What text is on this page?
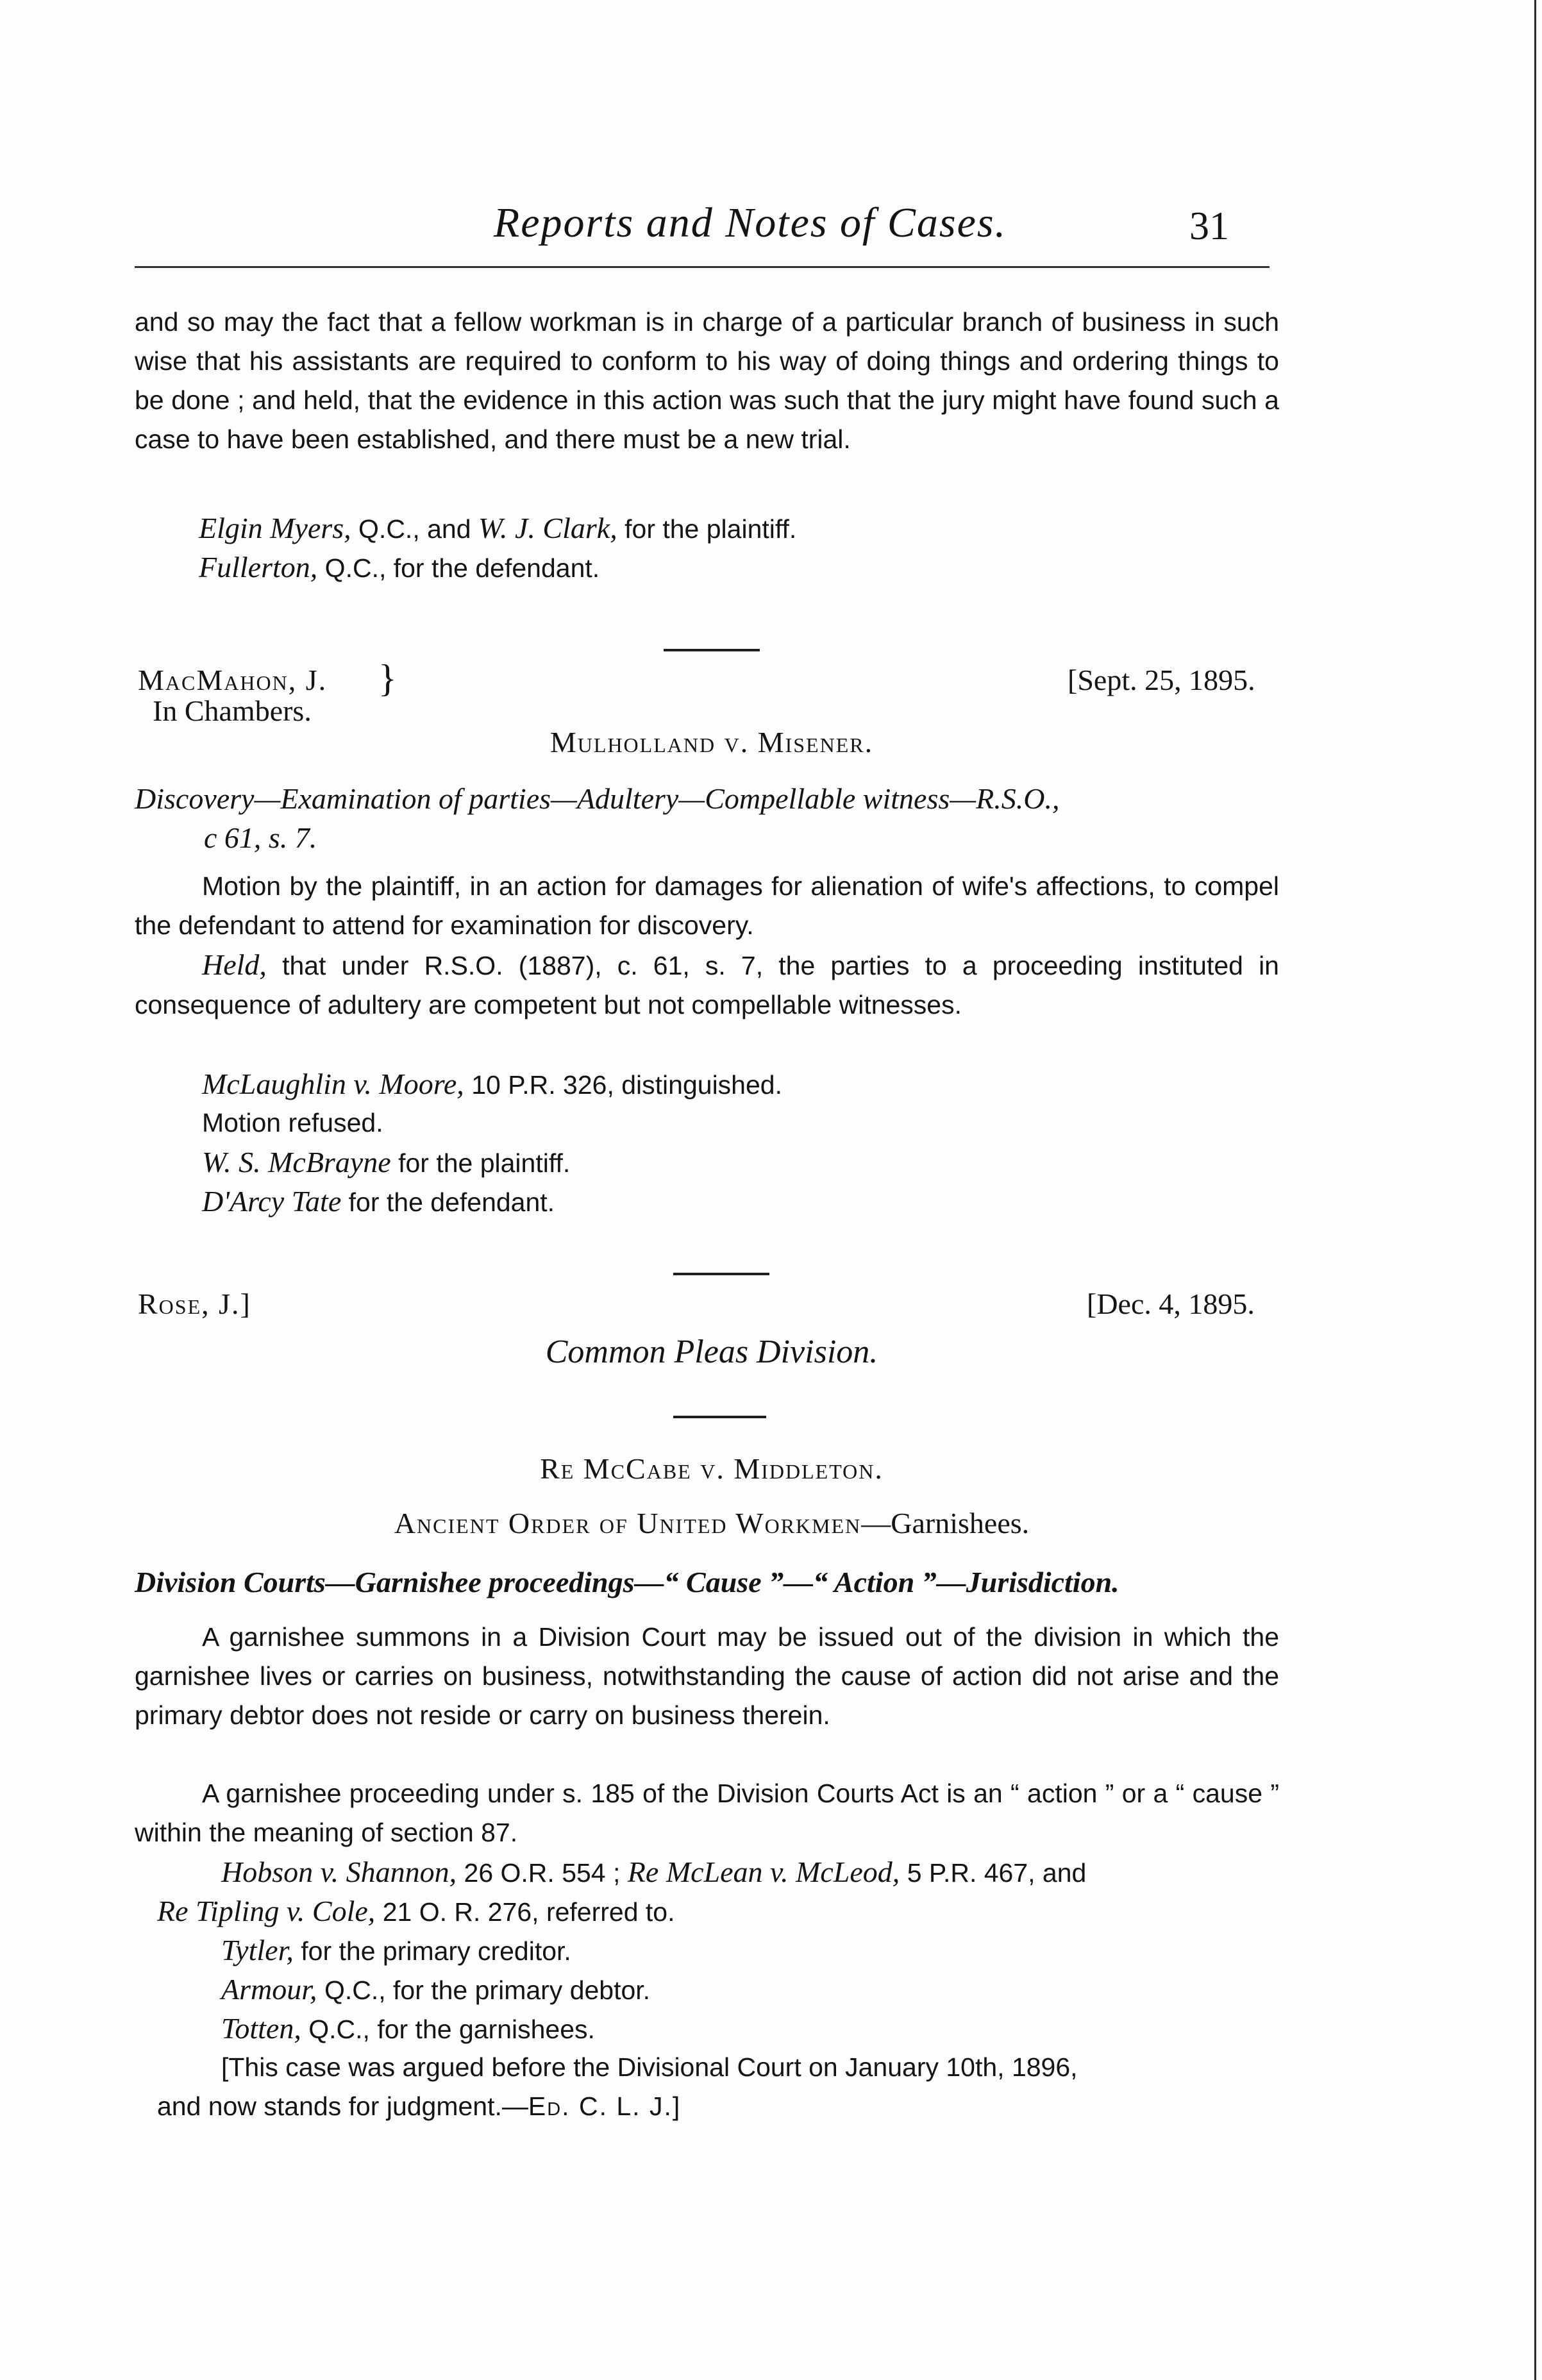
Reports and Notes of Cases.	31

and so may the fact that a fellow workman is in charge of a particular branch of business in such wise that his assistants are required to conform to his way of doing things and ordering things to be done ; and held, that the evidence in this action was such that the jury might have found such a case to have been established, and there must be a new trial.

Elgin Myers, Q.C., and W. J. Clark, for the plaintiff.
Fullerton, Q.C., for the defendant.
MacMahon, J.
In Chambers.
}	[Sept. 25, 1895.
Mulholland v. Misener.
Discovery—Examination of parties—Adultery—Compellable witness—R.S.O.,
c 61, s. 7.

Motion by the plaintiff, in an action for damages for alienation of wife's affections, to compel the defendant to attend for examination for discovery.

Held, that under R.S.O. (1887), c. 61, s. 7, the parties to a proceeding instituted in consequence of adultery are competent but not compellable witnesses.

McLaughlin v. Moore, 10 P.R. 326, distinguished.
Motion refused.
W. S. McBrayne for the plaintiff.
D'Arcy Tate for the defendant.
Rose, J.]	[Dec. 4, 1895.
Common Pleas Division.
Re McCabe v. Middleton.
Ancient Order of United Workmen—Garnishees.
Division Courts—Garnishee proceedings—“ Cause ”—“ Action ”—Jurisdiction.

A garnishee summons in a Division Court may be issued out of the division in which the garnishee lives or carries on business, notwithstanding the cause of action did not arise and the primary debtor does not reside or carry on business therein.

A garnishee proceeding under s. 185 of the Division Courts Act is an “ action ” or a “ cause ” within the meaning of section 87.

Hobson v. Shannon, 26 O.R. 554 ; Re McLean v. McLeod, 5 P.R. 467, and
Re Tipling v. Cole, 21 O. R. 276, referred to.
Tytler, for the primary creditor.
Armour, Q.C., for the primary debtor.
Totten, Q.C., for the garnishees.
[This case was argued before the Divisional Court on January 10th, 1896,
and now stands for judgment.—Ed. C. L. J.]
